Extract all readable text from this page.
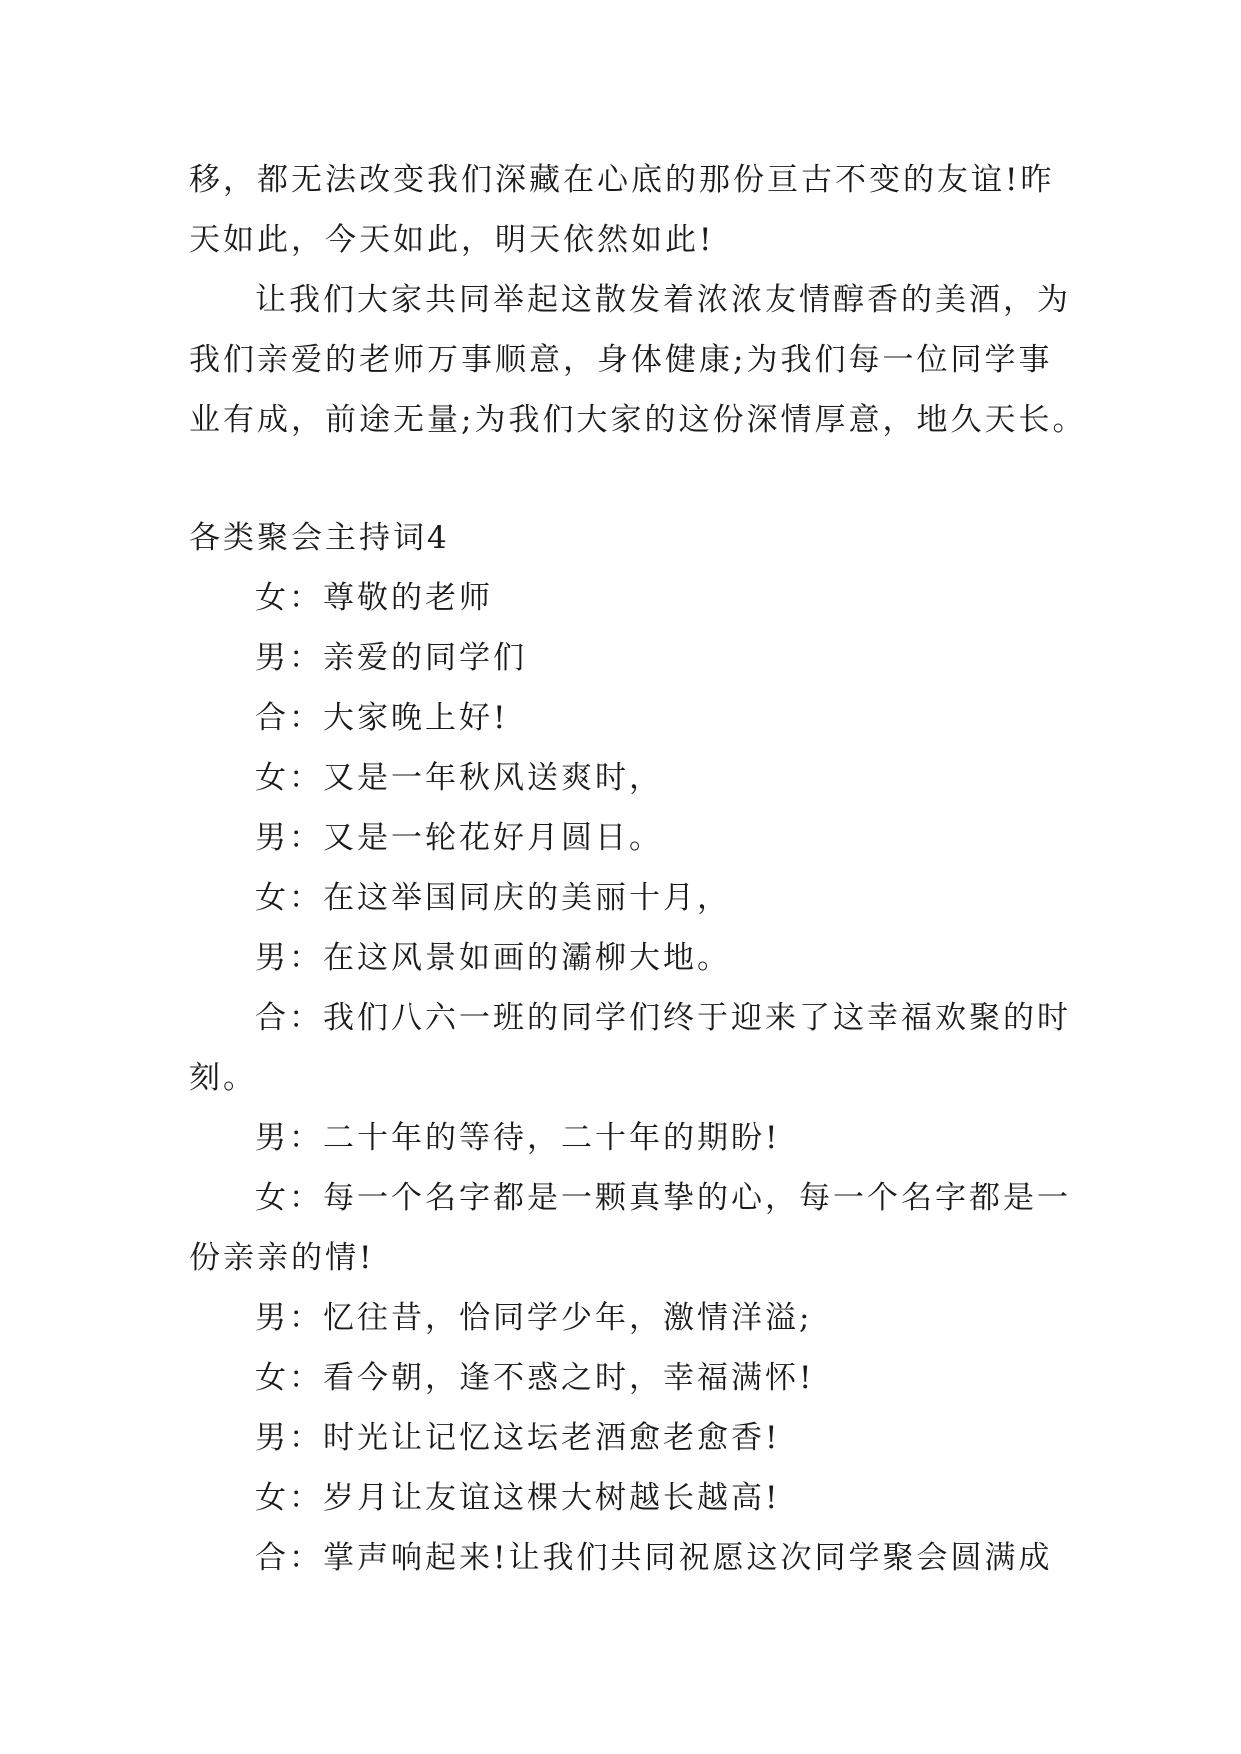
移，都无法改变我们深藏在心底的那份亘古不变的友谊!昨
天如此，今天如此，明天依然如此!
让我们大家共同举起这散发着浓浓友情醇香的美酒，为
我们亲爱的老师万事顺意，身体健康;为我们每一位同学事
业有成，前途无量;为我们大家的这份深情厚意，地久天长。
各类聚会主持词4
女：尊敬的老师
男：亲爱的同学们
合：大家晚上好!
女：又是一年秋风送爽时，
男：又是一轮花好月圆日。
女：在这举国同庆的美丽十月，
男：在这风景如画的灞柳大地。
合：我们八六一班的同学们终于迎来了这幸福欢聚的时
刻。
男：二十年的等待，二十年的期盼!
女：每一个名字都是一颗真挚的心，每一个名字都是一
份亲亲的情!
男：忆往昔，恰同学少年，激情洋溢;
女：看今朝，逢不惑之时，幸福满怀!
男：时光让记忆这坛老酒愈老愈香!
女：岁月让友谊这棵大树越长越高!
合：掌声响起来!让我们共同祝愿这次同学聚会圆满成
